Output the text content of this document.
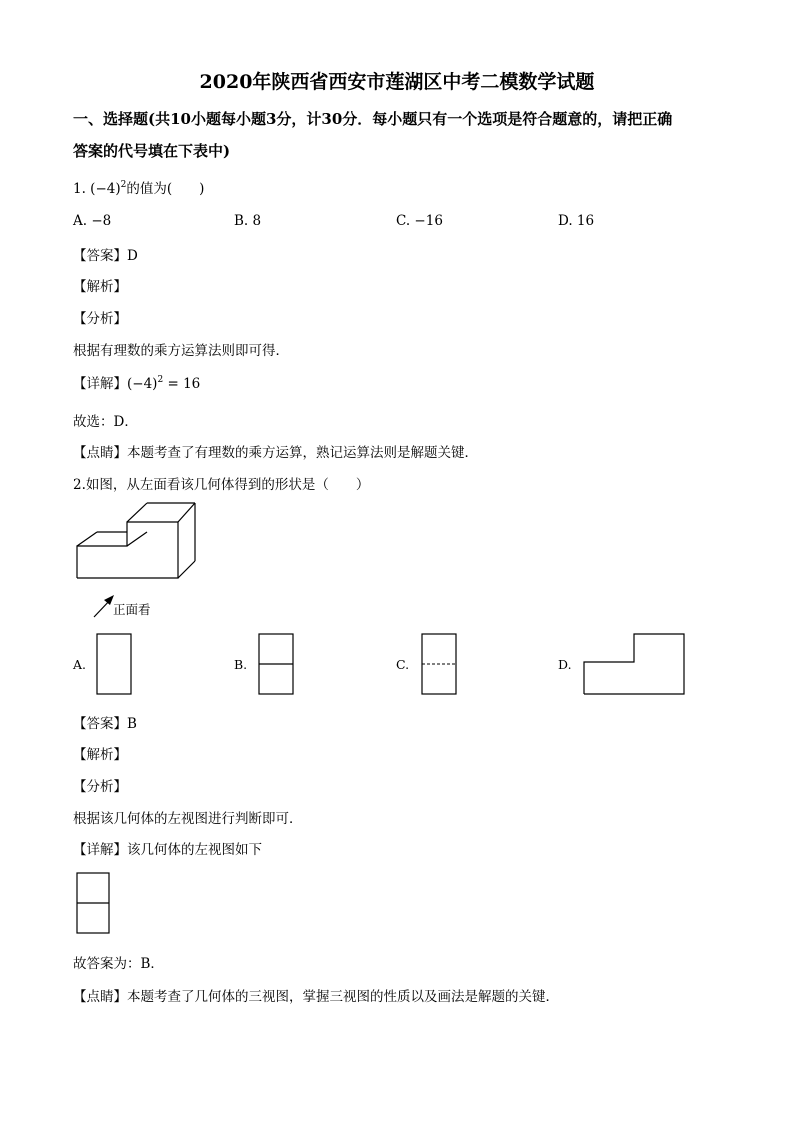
2020年陕西省西安市莲湖区中考二模数学试题
一、选择题(共10小题每小题3分，计30分．每小题只有一个选项是符合题意的，请把正确
答案的代号填在下表中)
1. $(-4)^2$的值为(　　)
A. −8	B. 8	C. −16	D. 16
【答案】D
【解析】
【分析】
根据有理数的乘方运算法则即可得．
【详解】$(-4)^2 = 16$
故选：D．
【点睛】本题考查了有理数的乘方运算，熟记运算法则是解题关键．
2.如图，从左面看该几何体得到的形状是（　　）
正面看
A.	B.	C.	D.
【答案】B
【解析】
【分析】
根据该几何体的左视图进行判断即可．
【详解】该几何体的左视图如下
故答案为：B．
【点睛】本题考查了几何体的三视图，掌握三视图的性质以及画法是解题的关键．
